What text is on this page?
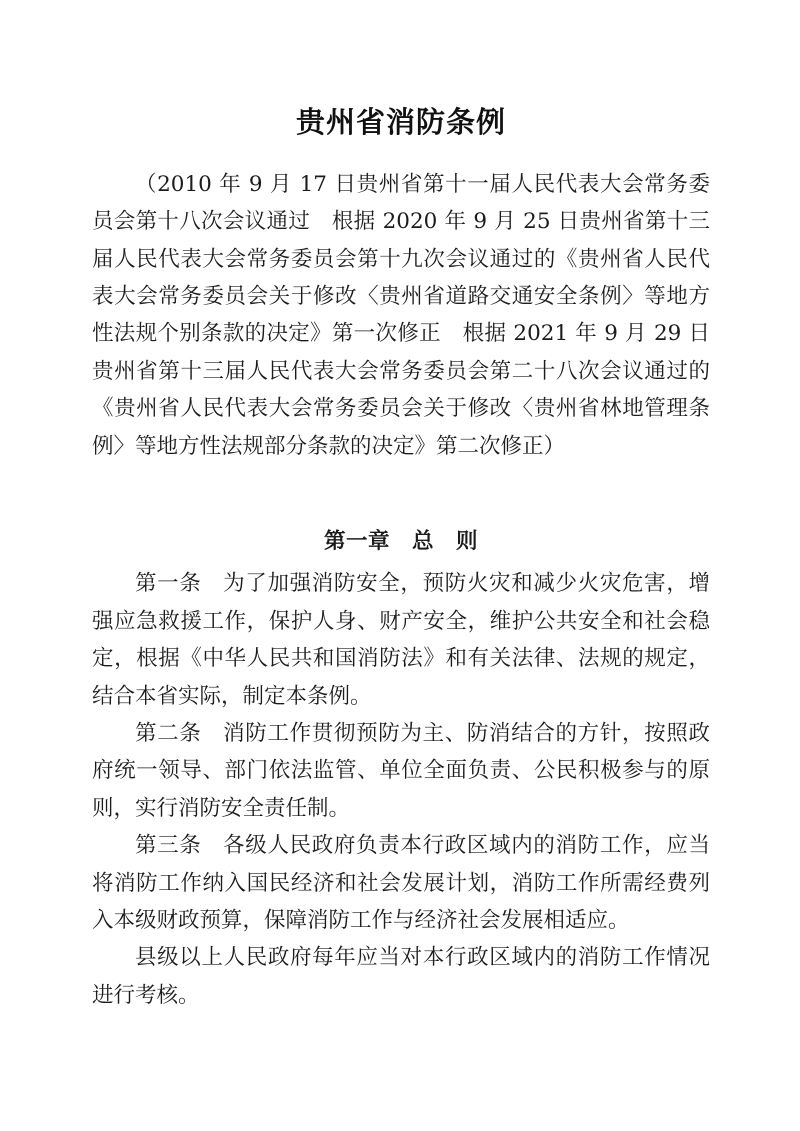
贵州省消防条例

（2010 年 9 月 17 日贵州省第十一届人民代表大会常务委员会第十八次会议通过　根据 2020 年 9 月 25 日贵州省第十三届人民代表大会常务委员会第十九次会议通过的《贵州省人民代表大会常务委员会关于修改〈贵州省道路交通安全条例〉等地方性法规个别条款的决定》第一次修正　根据 2021 年 9 月 29 日贵州省第十三届人民代表大会常务委员会第二十八次会议通过的《贵州省人民代表大会常务委员会关于修改〈贵州省林地管理条例〉等地方性法规部分条款的决定》第二次修正）

第一章　总　则

第一条 为了加强消防安全，预防火灾和减少火灾危害，增强应急救援工作，保护人身、财产安全，维护公共安全和社会稳定，根据《中华人民共和国消防法》和有关法律、法规的规定，结合本省实际，制定本条例。

第二条 消防工作贯彻预防为主、防消结合的方针，按照政府统一领导、部门依法监管、单位全面负责、公民积极参与的原则，实行消防安全责任制。

第三条 各级人民政府负责本行政区域内的消防工作，应当将消防工作纳入国民经济和社会发展计划，消防工作所需经费列入本级财政预算，保障消防工作与经济社会发展相适应。

县级以上人民政府每年应当对本行政区域内的消防工作情况进行考核。
